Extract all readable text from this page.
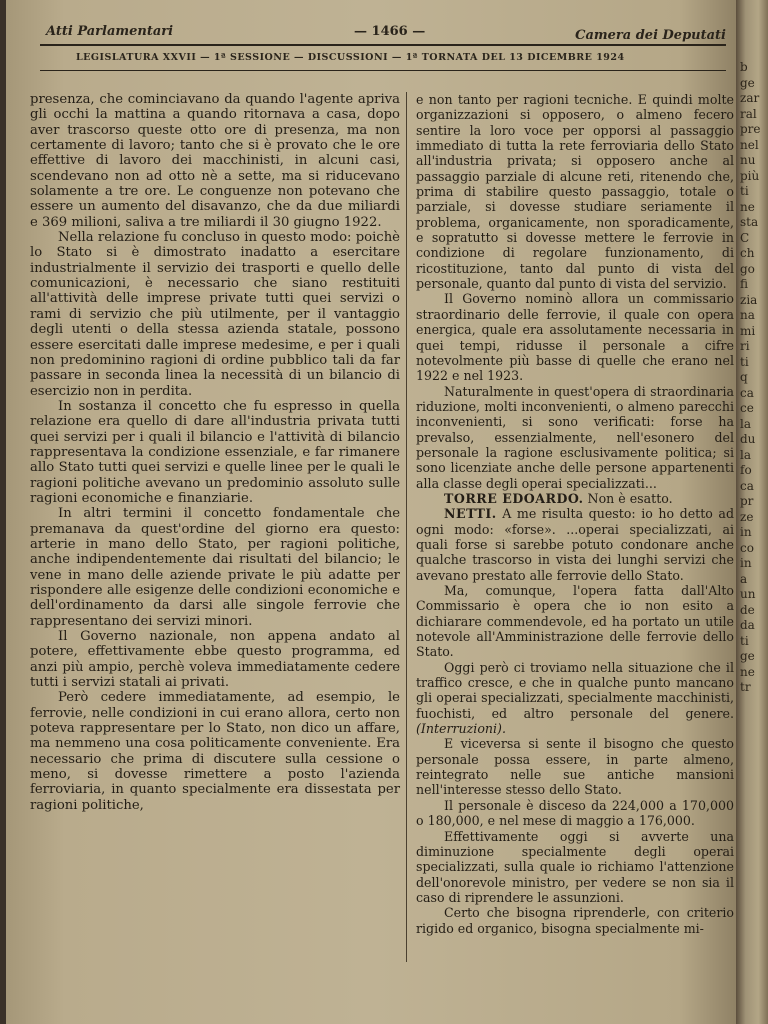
Atti Parlamentari	— 1466 —	Camera dei Deputati
LEGISLATURA XXVII — 1ª SESSIONE — DISCUSSIONI — 1ª TORNATA DEL 13 DICEMBRE 1924

presenza, che cominciavano da quando l'agente apriva gli occhi la mattina a quando ritornava a casa, dopo aver trascorso queste otto ore di presenza, ma non certamente di lavoro; tanto che si è provato che le ore effettive di lavoro dei macchinisti, in alcuni casi, scendevano non ad otto nè a sette, ma si riducevano solamente a tre ore. Le conguenze non potevano che essere un aumento del disavanzo, che da due miliardi e 369 milioni, saliva a tre miliardi il 30 giugno 1922.

Nella relazione fu concluso in questo modo: poichè lo Stato si è dimostrato inadatto a esercitare industrialmente il servizio dei trasporti e quello delle comunicazioni, è necessario che siano restituiti all'attività delle imprese private tutti quei servizi o rami di servizio che più utilmente, per il vantaggio degli utenti o della stessa azienda statale, possono essere esercitati dalle imprese medesime, e per i quali non predominino ragioni di ordine pubblico tali da far passare in seconda linea la necessità di un bilancio di esercizio non in perdita.

In sostanza il concetto che fu espresso in quella relazione era quello di dare all'industria privata tutti quei servizi per i quali il bilancio e l'attività di bilancio rappresentava la condizione essenziale, e far rimanere allo Stato tutti quei servizi e quelle linee per le quali le ragioni politiche avevano un predominio assoluto sulle ragioni economiche e finanziarie.

In altri termini il concetto fondamentale che premanava da quest'ordine del giorno era questo: arterie in mano dello Stato, per ragioni politiche, anche indipendentemente dai risultati del bilancio; le vene in mano delle aziende private le più adatte per rispondere alle esigenze delle condizioni economiche e dell'ordinamento da darsi alle singole ferrovie che rappresentano dei servizi minori.

Il Governo nazionale, non appena andato al potere, effettivamente ebbe questo programma, ed anzi più ampio, perchè voleva immediatamente cedere tutti i servizi statali ai privati.

Però cedere immediatamente, ad esempio, le ferrovie, nelle condizioni in cui erano allora, certo non poteva rappresentare per lo Stato, non dico un affare, ma nemmeno una cosa politicamente conveniente. Era necessario che prima di discutere sulla cessione o meno, si dovesse rimettere a posto l'azienda ferroviaria, in quanto specialmente era dissestata per ragioni politiche,

e non tanto per ragioni tecniche. E quindi molte organizzazioni si opposero, o almeno fecero sentire la loro voce per opporsi al passaggio immediato di tutta la rete ferroviaria dello Stato all'industria privata; si opposero anche al passaggio parziale di alcune reti, ritenendo che, prima di stabilire questo passaggio, totale o parziale, si dovesse studiare seriamente il problema, organicamente, non sporadicamente, e sopratutto si dovesse mettere le ferrovie in condizione di regolare funzionamento, di ricostituzione, tanto dal punto di vista del personale, quanto dal punto di vista del servizio.

Il Governo nominò allora un commissario straordinario delle ferrovie, il quale con opera energica, quale era assolutamente necessaria in quei tempi, ridusse il personale a cifre notevolmente più basse di quelle che erano nel 1922 e nel 1923.

Naturalmente in quest'opera di straordinaria riduzione, molti inconvenienti, o almeno parecchi inconvenienti, si sono verificati: forse ha prevalso, essenzialmente, nell'esonero del personale la ragione esclusivamente politica; si sono licenziate anche delle persone appartenenti alla classe degli operai specializzati...

TORRE EDOARDO. Non è esatto.

NETTI. A me risulta questo: io ho detto ad ogni modo: «forse». ...operai specializzati, ai quali forse si sarebbe potuto condonare anche qualche trascorso in vista dei lunghi servizi che avevano prestato alle ferrovie dello Stato.

Ma, comunque, l'opera fatta dall'Alto Commissario è opera che io non esito a dichiarare commendevole, ed ha portato un utile notevole all'Amministrazione delle ferrovie dello Stato.

Oggi però ci troviamo nella situazione che il traffico cresce, e che in qualche punto mancano gli operai specializzati, specialmente macchinisti, fuochisti, ed altro personale del genere. (Interruzioni).

E viceversa si sente il bisogno che questo personale possa essere, in parte almeno, reintegrato nelle sue antiche mansioni nell'interesse stesso dello Stato.

Il personale è disceso da 224,000 a 170,000 o 180,000, e nel mese di maggio a 176,000.

Effettivamente oggi si avverte una diminuzione specialmente degli operai specializzati, sulla quale io richiamo l'attenzione dell'onorevole ministro, per vedere se non sia il caso di riprendere le assunzioni.

Certo che bisogna riprenderle, con criterio rigido ed organico, bisogna specialmente mi-

b
ge
zar
ral
pre
nel
nu
più
ti
ne
sta
C
ch
go
fi
zia
na
mi
ri
ti
q
ca
ce
la
du
la
fo
ca
pr
ze
in
co
in
a
un
de
da
ti
ge
ne
tr
